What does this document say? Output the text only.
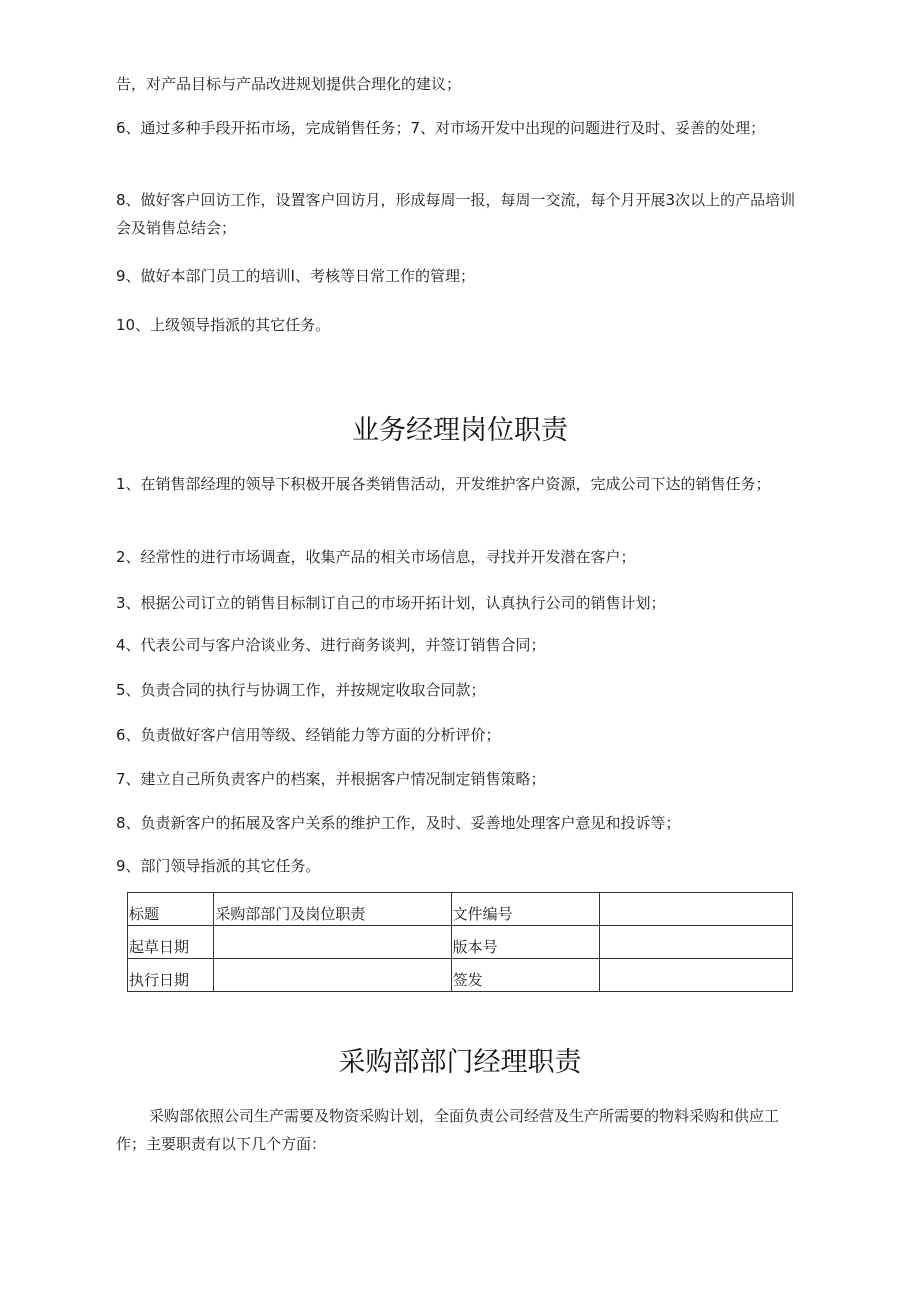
告，对产品目标与产品改进规划提供合理化的建议；

6、通过多种手段开拓市场，完成销售任务；7、对市场开发中出现的问题进行及时、妥善的处理；

8、做好客户回访工作，设置客户回访月，形成每周一报，每周一交流，每个月开展3次以上的产品培训会及销售总结会；

9、做好本部门员工的培训I、考核等日常工作的管理；

10、上级领导指派的其它任务。

业务经理岗位职责

1、在销售部经理的领导下积极开展各类销售活动，开发维护客户资源，完成公司下达的销售任务；

2、经常性的进行市场调查，收集产品的相关市场信息，寻找并开发潜在客户；

3、根据公司订立的销售目标制订自己的市场开拓计划，认真执行公司的销售计划；

4、代表公司与客户洽谈业务、进行商务谈判，并签订销售合同；

5、负责合同的执行与协调工作，并按规定收取合同款；

6、负责做好客户信用等级、经销能力等方面的分析评价；

7、建立自己所负责客户的档案，并根据客户情况制定销售策略；

8、负责新客户的拓展及客户关系的维护工作，及时、妥善地处理客户意见和投诉等；

9、部门领导指派的其它任务。

标题	采购部部门及岗位职责	文件编号	
起草日期		版本号	
执行日期		签发	
采购部部门经理职责

采购部依照公司生产需要及物资采购计划，全面负责公司经营及生产所需要的物料采购和供应工作；主要职责有以下几个方面：
